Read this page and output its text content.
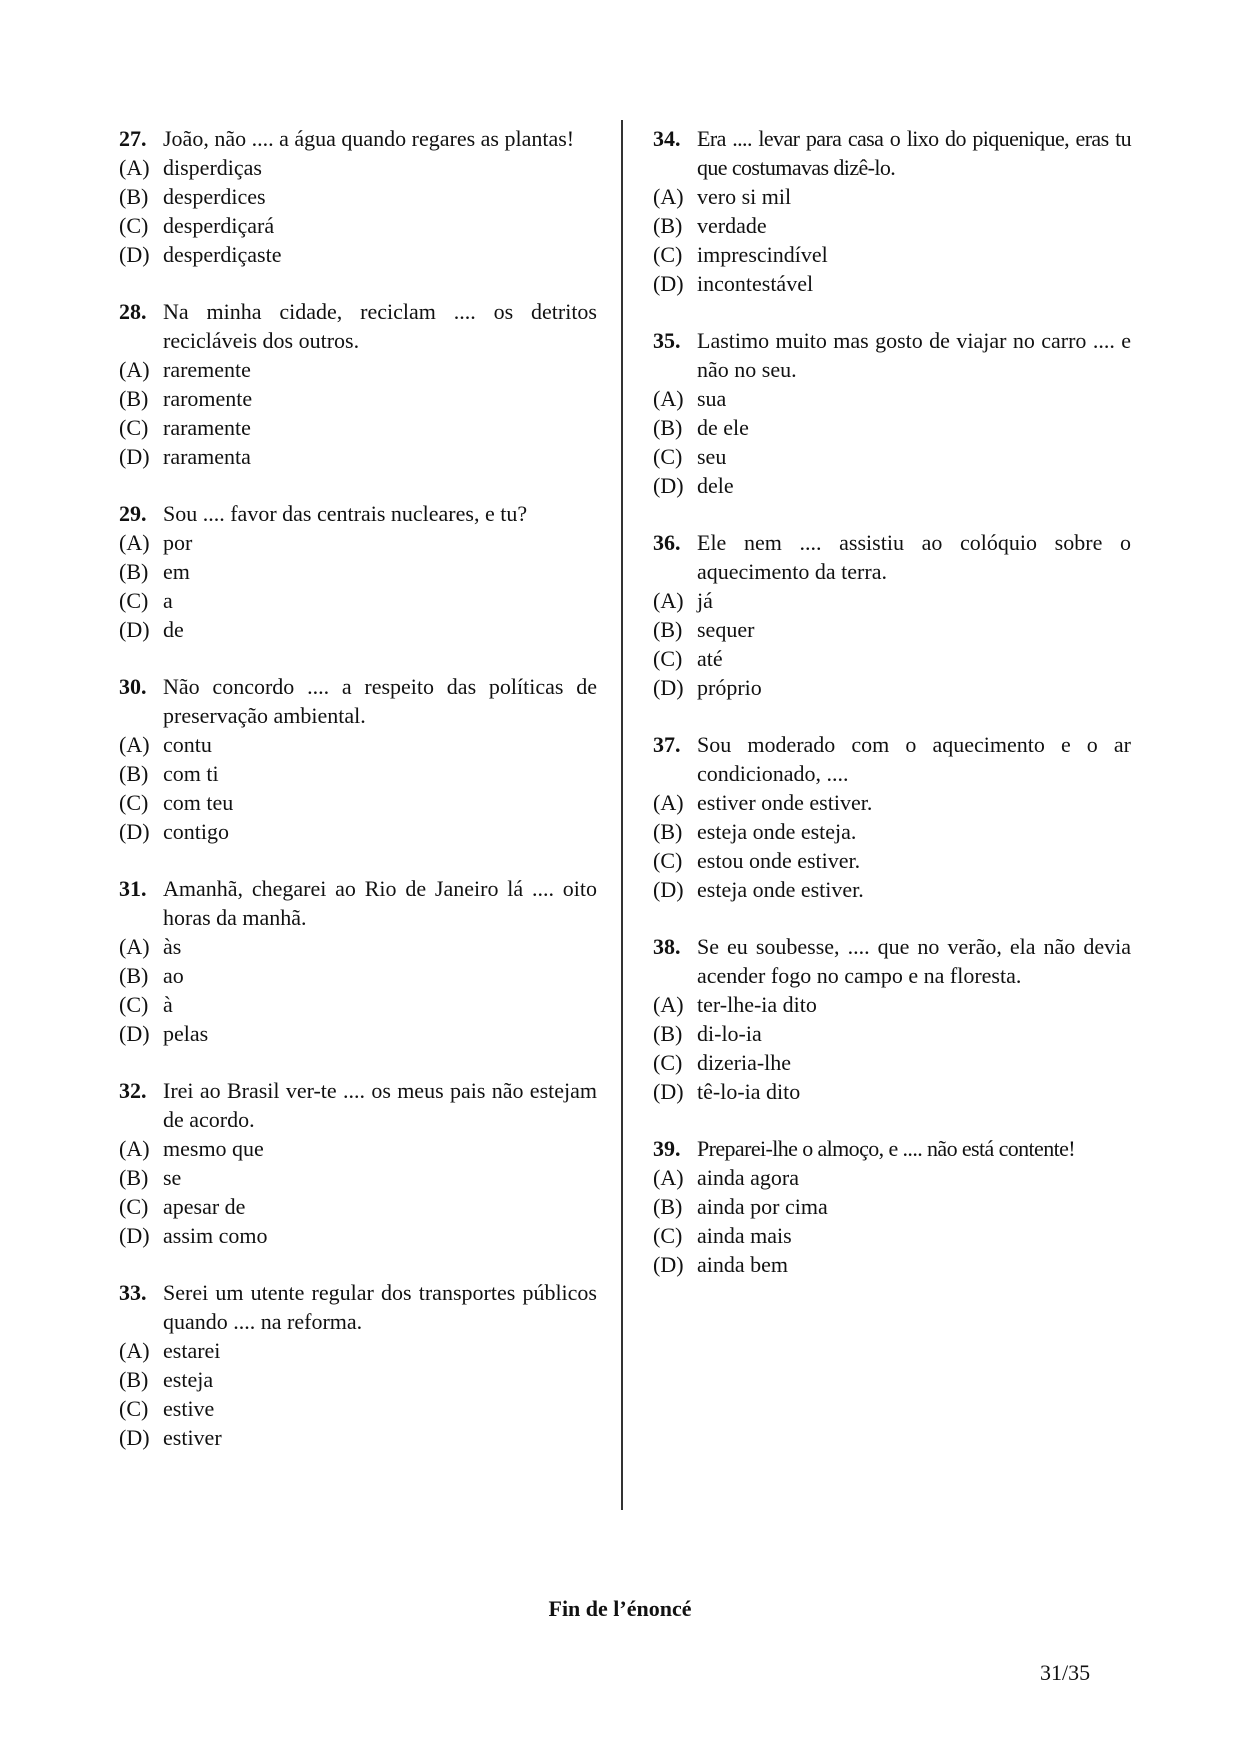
27. João, não .... a água quando regares as plantas!
(A) disperdiças
(B) desperdices
(C) desperdiçará
(D) desperdiçaste
28. Na minha cidade, reciclam .... os detritos recicláveis dos outros.
(A) raremente
(B) raromente
(C) raramente
(D) raramenta
29. Sou .... favor das centrais nucleares, e tu?
(A) por
(B) em
(C) a
(D) de
30. Não concordo .... a respeito das políticas de preservação ambiental.
(A) contu
(B) com ti
(C) com teu
(D) contigo
31. Amanhã, chegarei ao Rio de Janeiro lá .... oito horas da manhã.
(A) às
(B) ao
(C) à
(D) pelas
32. Irei ao Brasil ver-te .... os meus pais não estejam de acordo.
(A) mesmo que
(B) se
(C) apesar de
(D) assim como
33. Serei um utente regular dos transportes públicos quando .... na reforma.
(A) estarei
(B) esteja
(C) estive
(D) estiver
34. Era .... levar para casa o lixo do piquenique, eras tu que costumavas dizê-lo.
(A) vero si mil
(B) verdade
(C) imprescindível
(D) incontestável
35. Lastimo muito mas gosto de viajar no carro .... e não no seu.
(A) sua
(B) de ele
(C) seu
(D) dele
36. Ele nem .... assistiu ao colóquio sobre o aquecimento da terra.
(A) já
(B) sequer
(C) até
(D) próprio
37. Sou moderado com o aquecimento e o ar condicionado, ....
(A) estiver onde estiver.
(B) esteja onde esteja.
(C) estou onde estiver.
(D) esteja onde estiver.
38. Se eu soubesse, .... que no verão, ela não devia acender fogo no campo e na floresta.
(A) ter-lhe-ia dito
(B) di-lo-ia
(C) dizeria-lhe
(D) tê-lo-ia dito
39. Preparei-lhe o almoço, e .... não está contente!
(A) ainda agora
(B) ainda por cima
(C) ainda mais
(D) ainda bem
Fin de l’énoncé
31/35
